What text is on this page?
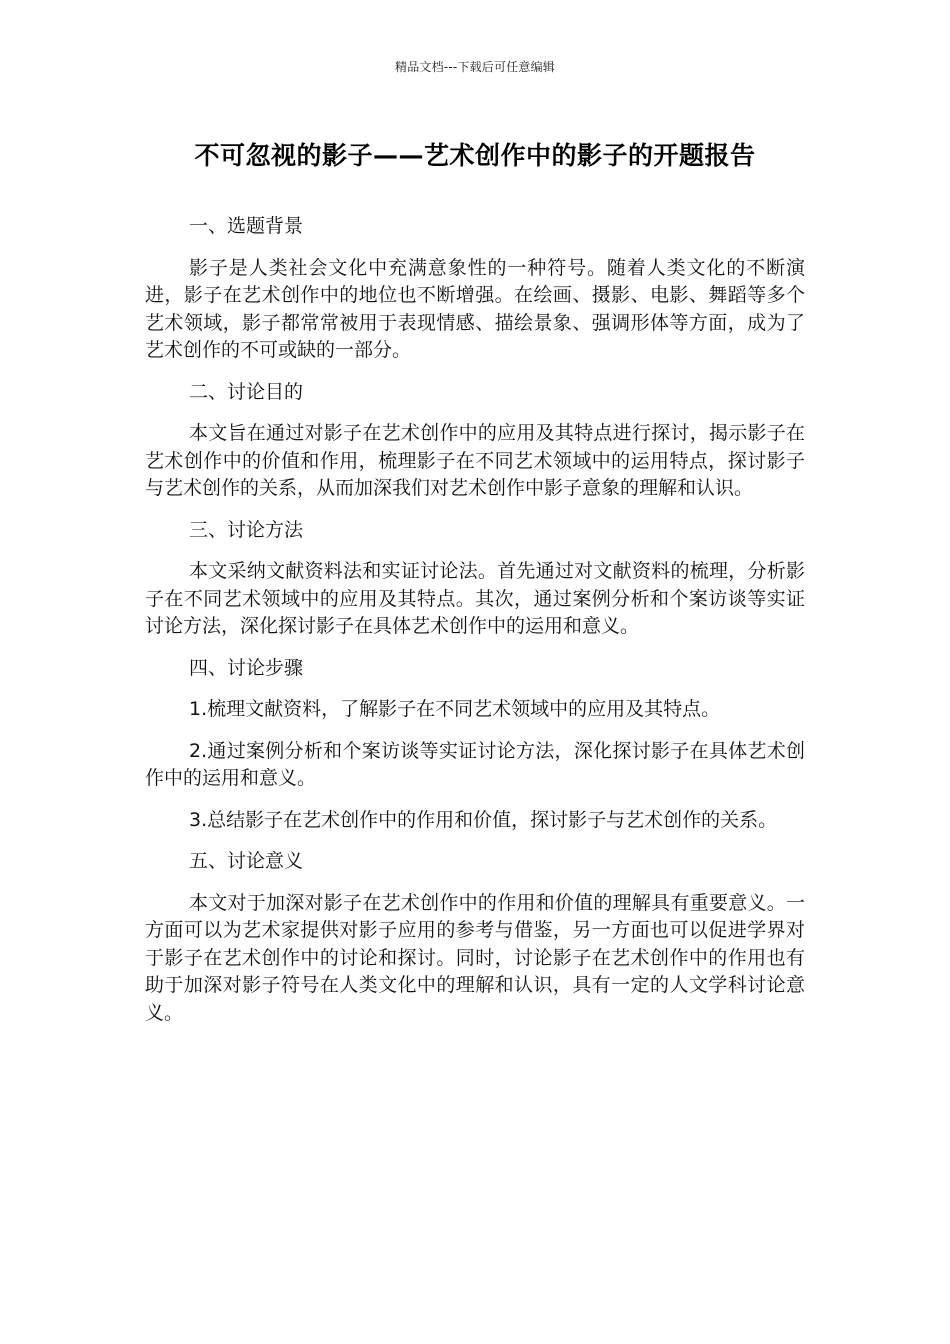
精品文档---下载后可任意编辑
不可忽视的影子——艺术创作中的影子的开题报告

一、选题背景

影子是人类社会文化中充满意象性的一种符号。随着人类文化的不断演进，影子在艺术创作中的地位也不断增强。在绘画、摄影、电影、舞蹈等多个艺术领域，影子都常常被用于表现情感、描绘景象、强调形体等方面，成为了艺术创作的不可或缺的一部分。

二、讨论目的

本文旨在通过对影子在艺术创作中的应用及其特点进行探讨，揭示影子在艺术创作中的价值和作用，梳理影子在不同艺术领域中的运用特点，探讨影子与艺术创作的关系，从而加深我们对艺术创作中影子意象的理解和认识。

三、讨论方法

本文采纳文献资料法和实证讨论法。首先通过对文献资料的梳理，分析影子在不同艺术领域中的应用及其特点。其次，通过案例分析和个案访谈等实证讨论方法，深化探讨影子在具体艺术创作中的运用和意义。

四、讨论步骤

1.梳理文献资料，了解影子在不同艺术领域中的应用及其特点。

2.通过案例分析和个案访谈等实证讨论方法，深化探讨影子在具体艺术创作中的运用和意义。

3.总结影子在艺术创作中的作用和价值，探讨影子与艺术创作的关系。

五、讨论意义

本文对于加深对影子在艺术创作中的作用和价值的理解具有重要意义。一方面可以为艺术家提供对影子应用的参考与借鉴，另一方面也可以促进学界对于影子在艺术创作中的讨论和探讨。同时，讨论影子在艺术创作中的作用也有助于加深对影子符号在人类文化中的理解和认识，具有一定的人文学科讨论意义。
